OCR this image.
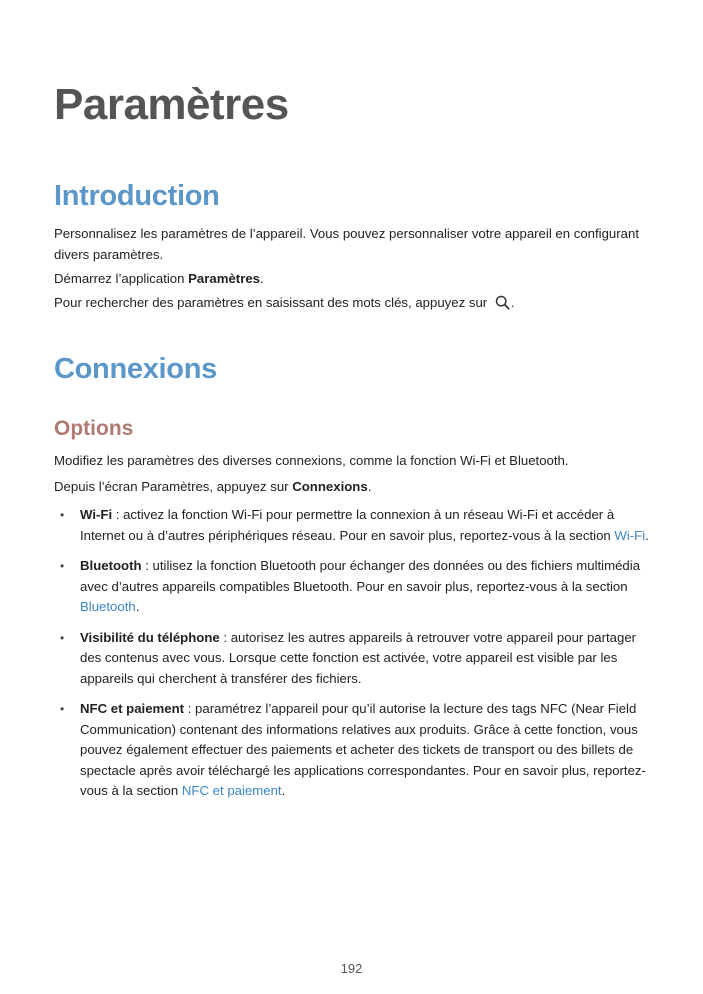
Paramètres
Introduction

Personnalisez les paramètres de l’appareil. Vous pouvez personnaliser votre appareil en configurant divers paramètres.

Démarrez l’application Paramètres.

Pour rechercher des paramètres en saisissant des mots clés, appuyez sur .

Connexions
Options

Modifiez les paramètres des diverses connexions, comme la fonction Wi-Fi et Bluetooth.

Depuis l’écran Paramètres, appuyez sur Connexions.

• Wi-Fi : activez la fonction Wi-Fi pour permettre la connexion à un réseau Wi-Fi et accéder à Internet ou à d’autres périphériques réseau. Pour en savoir plus, reportez-vous à la section Wi-Fi.
• Bluetooth : utilisez la fonction Bluetooth pour échanger des données ou des fichiers multimédia avec d’autres appareils compatibles Bluetooth. Pour en savoir plus, reportez-vous à la section Bluetooth.
• Visibilité du téléphone : autorisez les autres appareils à retrouver votre appareil pour partager des contenus avec vous. Lorsque cette fonction est activée, votre appareil est visible par les appareils qui cherchent à transférer des fichiers.
• NFC et paiement : paramétrez l’appareil pour qu’il autorise la lecture des tags NFC (Near Field Communication) contenant des informations relatives aux produits. Grâce à cette fonction, vous pouvez également effectuer des paiements et acheter des tickets de transport ou des billets de spectacle après avoir téléchargé les applications correspondantes. Pour en savoir plus, reportez-vous à la section NFC et paiement.
192
